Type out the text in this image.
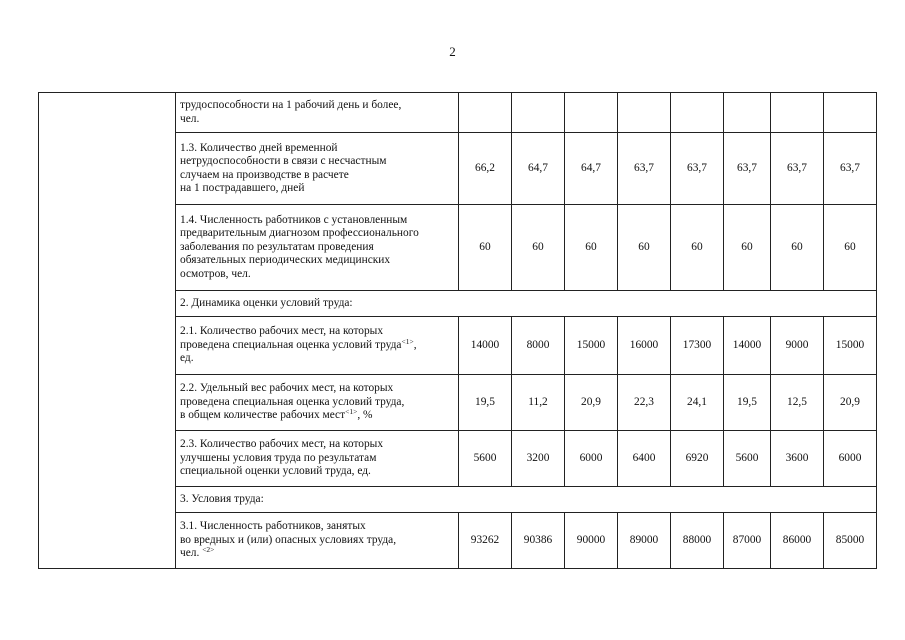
2

	трудоспособности на 1 рабочий день и более,
чел.								

	1.3. Количество дней временной
нетрудоспособности в связи с несчастным
случаем на производстве в расчете
на 1 пострадавшего, дней	66,2	64,7	64,7	63,7	63,7	63,7	63,7	63,7

	1.4. Численность работников с установленным
предварительным диагнозом профессионального
заболевания по результатам проведения
обязательных периодических медицинских
осмотров, чел.	60	60	60	60	60	60	60	60
	2. Динамика оценки условий труда:								

	2.1. Количество рабочих мест, на которых
проведена специальная оценка условий труда$^{<1>}$,
ед.	14000	8000	15000	16000	17300	14000	9000	15000

	2.2. Удельный вес рабочих мест, на которых
проведена специальная оценка условий труда,
в общем количестве рабочих мест$^{<1>}$, %	19,5	11,2	20,9	22,3	24,1	19,5	12,5	20,9

	2.3. Количество рабочих мест, на которых
улучшены условия труда по результатам
специальной оценки условий труда, ед.	5600	3200	6000	6400	6920	5600	3600	6000
	3. Условия труда:								

	3.1. Численность работников, занятых
во вредных и (или) опасных условиях труда,
чел. $^{<2>}$	93262	90386	90000	89000	88000	87000	86000	85000
